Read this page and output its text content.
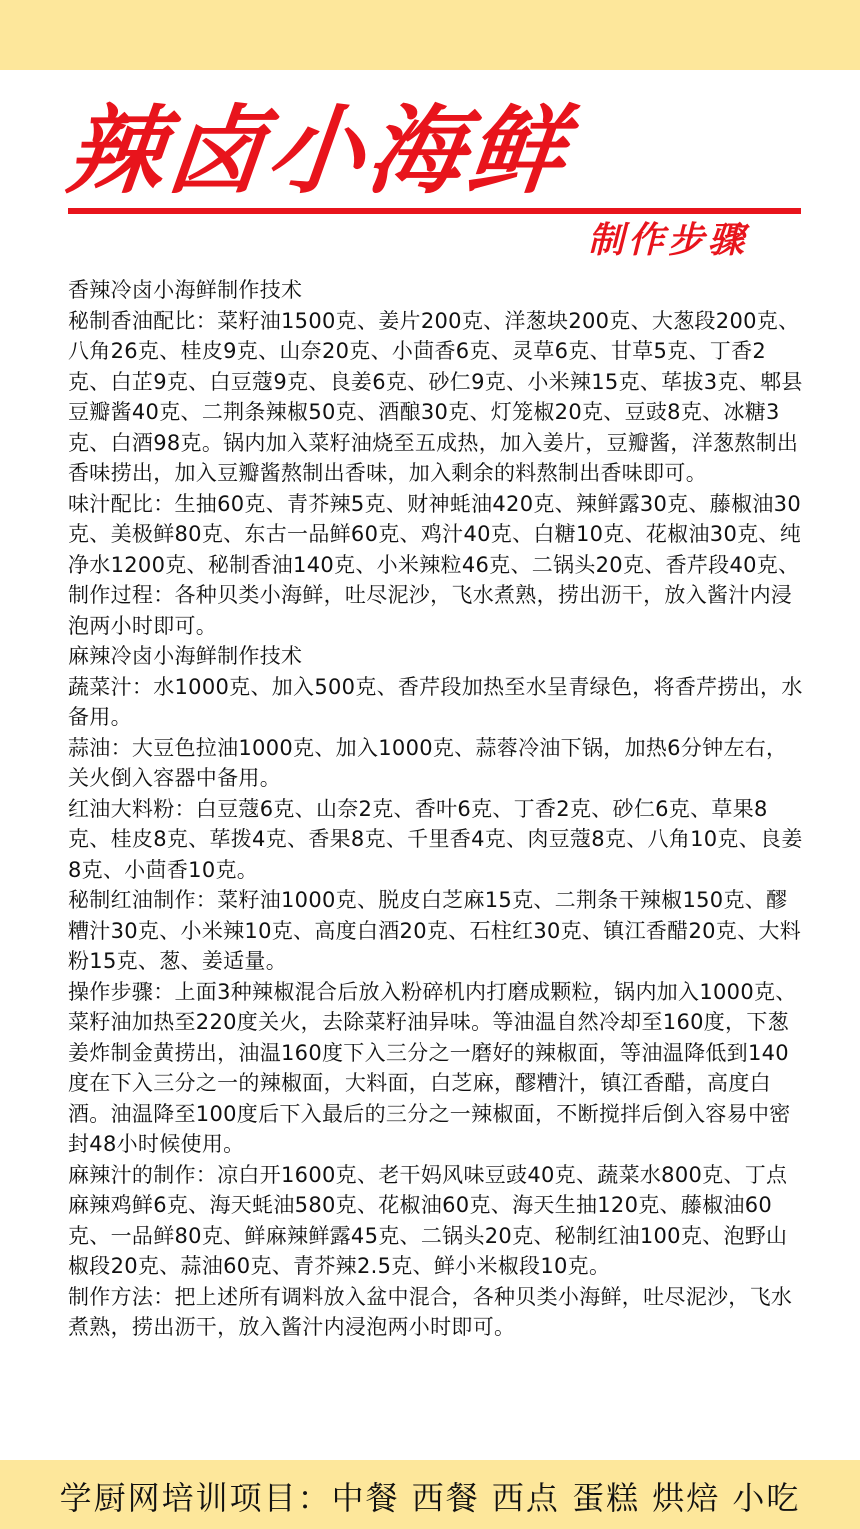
辣卤小海鲜
制作步骤

香辣冷卤小海鲜制作技术

秘制香油配比：菜籽油1500克、姜片200克、洋葱块200克、大葱段200克、八角26克、桂皮9克、山奈20克、小茴香6克、灵草6克、甘草5克、丁香2克、白芷9克、白豆蔻9克、良姜6克、砂仁9克、小米辣15克、荜拔3克、郫县豆瓣酱40克、二荆条辣椒50克、酒酿30克、灯笼椒20克、豆豉8克、冰糖3克、白酒98克。锅内加入菜籽油烧至五成热，加入姜片，豆瓣酱，洋葱熬制出香味捞出，加入豆瓣酱熬制出香味，加入剩余的料熬制出香味即可。

味汁配比：生抽60克、青芥辣5克、财神蚝油420克、辣鲜露30克、藤椒油30克、美极鲜80克、东古一品鲜60克、鸡汁40克、白糖10克、花椒油30克、纯净水1200克、秘制香油140克、小米辣粒46克、二锅头20克、香芹段40克、

制作过程：各种贝类小海鲜，吐尽泥沙，飞水煮熟，捞出沥干，放入酱汁内浸泡两小时即可。

麻辣冷卤小海鲜制作技术

蔬菜汁：水1000克、加入500克、香芹段加热至水呈青绿色，将香芹捞出，水备用。

蒜油：大豆色拉油1000克、加入1000克、蒜蓉冷油下锅，加热6分钟左右，关火倒入容器中备用。

红油大料粉：白豆蔻6克、山奈2克、香叶6克、丁香2克、砂仁6克、草果8克、桂皮8克、荜拨4克、香果8克、千里香4克、肉豆蔻8克、八角10克、良姜8克、小茴香10克。

秘制红油制作：菜籽油1000克、脱皮白芝麻15克、二荆条干辣椒150克、醪糟汁30克、小米辣10克、高度白酒20克、石柱红30克、镇江香醋20克、大料粉15克、葱、姜适量。

操作步骤：上面3种辣椒混合后放入粉碎机内打磨成颗粒，锅内加入1000克、菜籽油加热至220度关火，去除菜籽油异味。等油温自然冷却至160度，下葱姜炸制金黄捞出，油温160度下入三分之一磨好的辣椒面，等油温降低到140度在下入三分之一的辣椒面，大料面，白芝麻，醪糟汁，镇江香醋，高度白酒。油温降至100度后下入最后的三分之一辣椒面，不断搅拌后倒入容易中密封48小时候使用。

麻辣汁的制作：凉白开1600克、老干妈风味豆豉40克、蔬菜水800克、丁点麻辣鸡鲜6克、海天蚝油580克、花椒油60克、海天生抽120克、藤椒油60克、一品鲜80克、鲜麻辣鲜露45克、二锅头20克、秘制红油100克、泡野山椒段20克、蒜油60克、青芥辣2.5克、鲜小米椒段10克。

制作方法：把上述所有调料放入盆中混合，各种贝类小海鲜，吐尽泥沙，飞水煮熟，捞出沥干，放入酱汁内浸泡两小时即可。

学厨网培训项目：中餐 西餐 西点 蛋糕 烘焙 小吃
